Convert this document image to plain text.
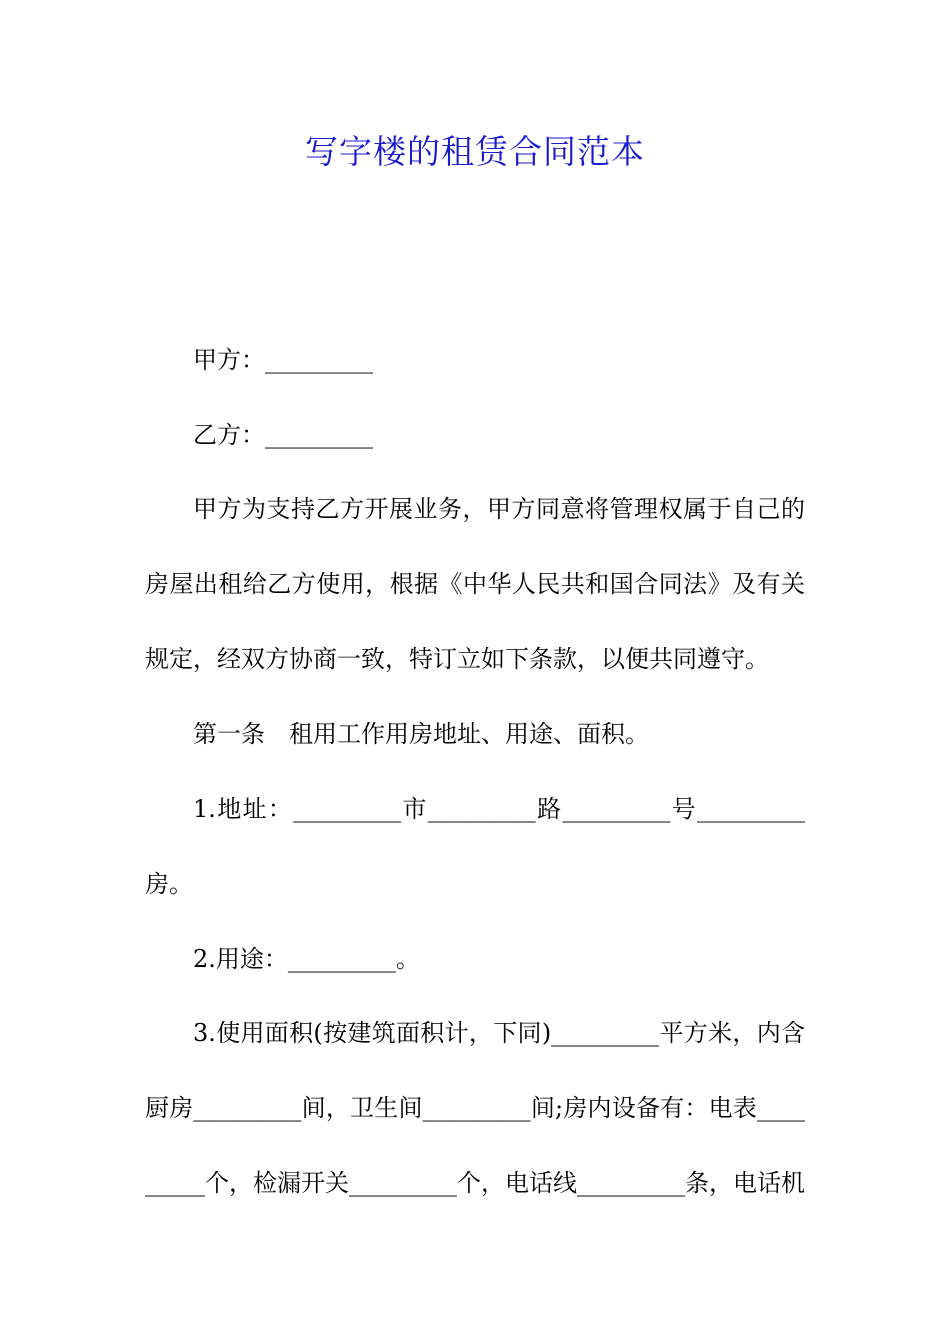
写字楼的租赁合同范本
甲方：_________
乙方：_________
甲方为支持乙方开展业务，甲方同意将管理权属于自己的
房屋出租给乙方使用，根据《中华人民共和国合同法》及有关
规定，经双方协商一致，特订立如下条款，以便共同遵守。
第一条　租用工作用房地址、用途、面积。
1.地址：_________市_________路_________号_________
房。
2.用途：_________。
3.使用面积(按建筑面积计，下同)_________平方米，内含
厨房_________间，卫生间_________间;房内设备有：电表____
_____个，检漏开关_________个，电话线_________条，电话机
